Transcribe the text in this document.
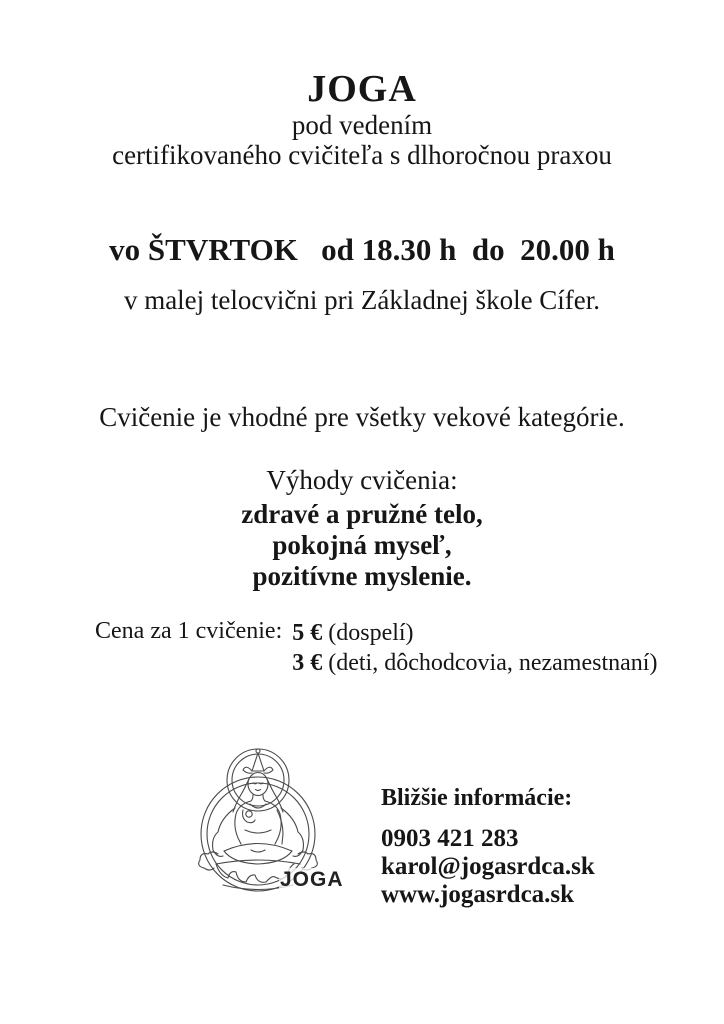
JOGA
pod vedením
certifikovaného cvičiteľa s dlhoročnou praxou
vo ŠTVRTOK   od 18.30 h  do  20.00 h
v malej telocvični pri Základnej škole Cífer.
Cvičenie je vhodné pre všetky vekové kategórie.
Výhody cvičenia:
zdravé a pružné telo,
pokojná myseľ,
pozitívne myslenie.
Cena za 1 cvičenie: 5 € (dospelí)
3 € (deti, dôchodcovia, nezamestnaní)
JOGA
Bližšie informácie:
0903 421 283
karol@jogasrdca.sk
www.jogasrdca.sk
